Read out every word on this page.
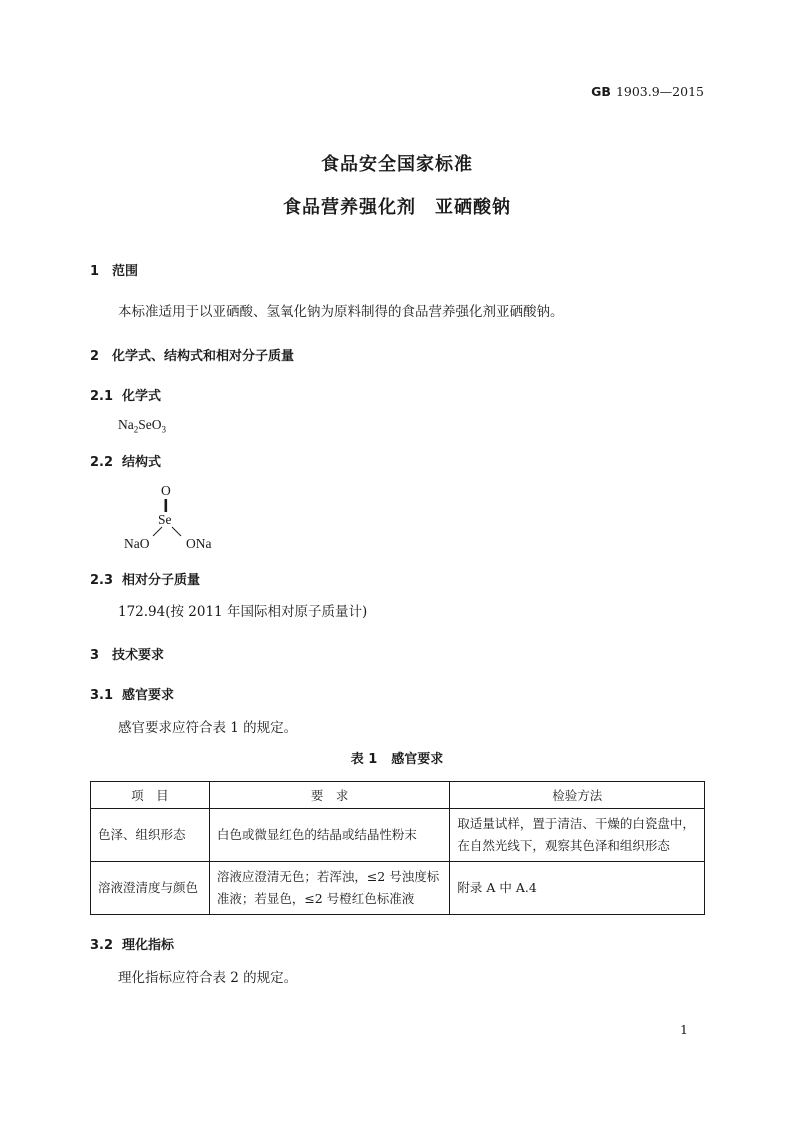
GB 1903.9—2015
食品安全国家标准
食品营养强化剂　亚硒酸钠
1 范围
本标准适用于以亚硒酸、氢氧化钠为原料制得的食品营养强化剂亚硒酸钠。
2 化学式、结构式和相对分子质量
2.1 化学式
$Na_2SeO_3$
2.2 结构式
O
Se
NaO	ONa
2.3 相对分子质量
172.94(按 2011 年国际相对原子质量计)
3 技术要求
3.1 感官要求
感官要求应符合表 1 的规定。
表 1 感官要求
项　目	要　求	检验方法
色泽、组织形态	白色或微显红色的结晶或结晶性粉末	取适量试样，置于清洁、干燥的白瓷盘中，在自然光线下，观察其色泽和组织形态
溶液澄清度与颜色	溶液应澄清无色；若浑浊，≤2 号浊度标准液；若显色，≤2 号橙红色标准液	附录 A 中 A.4
3.2 理化指标
理化指标应符合表 2 的规定。
1
